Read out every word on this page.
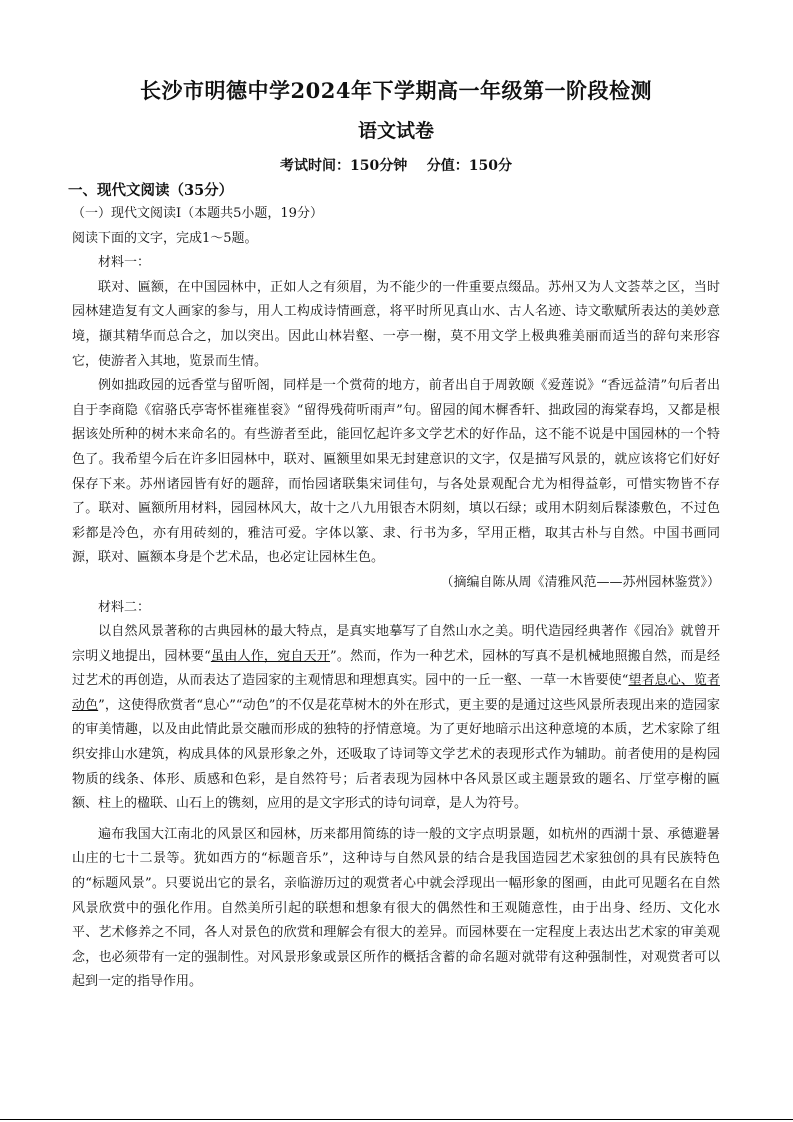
长沙市明德中学2024年下学期高一年级第一阶段检测
语文试卷

考试时间：150分钟    分值：150分

一、现代文阅读（35分）

（一）现代文阅读Ⅰ（本题共5小题，19分）

阅读下面的文字，完成1～5题。

材料一：

联对、匾额，在中国园林中，正如人之有须眉，为不能少的一件重要点缀品。苏州又为人文荟萃之区，当时园林建造复有文人画家的参与，用人工构成诗情画意，将平时所见真山水、古人名迹、诗文歌赋所表达的美妙意境，撷其精华而总合之，加以突出。因此山林岩壑、一亭一榭，莫不用文学上极典雅美丽而适当的辞句来形容它，使游者入其地，览景而生情。

例如拙政园的远香堂与留听阁，同样是一个赏荷的地方，前者出自于周敦颐《爱莲说》“香远益清”句后者出自于李商隐《宿骆氏亭寄怀崔雍崔衮》“留得残荷听雨声”句。留园的闻木樨香轩、拙政园的海棠春坞，又都是根据该处所种的树木来命名的。有些游者至此，能回忆起许多文学艺术的好作品，这不能不说是中国园林的一个特色了。我希望今后在许多旧园林中，联对、匾额里如果无封建意识的文字，仅是描写风景的，就应该将它们好好保存下来。苏州诸园皆有好的题辞，而怡园诸联集宋词佳句，与各处景观配合尤为相得益彰，可惜实物皆不存了。联对、匾额所用材料，园园林风大，故十之八九用银杏木阴刻，填以石绿；或用木阴刻后髹漆敷色，不过色彩都是冷色，亦有用砖刻的，雅洁可爱。字体以篆、隶、行书为多，罕用正楷，取其古朴与自然。中国书画同源，联对、匾额本身是个艺术品，也必定让园林生色。

（摘编自陈从周《清雅风范——苏州园林鉴赏》）

材料二：

以自然风景著称的古典园林的最大特点，是真实地摹写了自然山水之美。明代造园经典著作《园冶》就曾开宗明义地提出，园林要“虽由人作，宛自天开”。然而，作为一种艺术，园林的写真不是机械地照搬自然，而是经过艺术的再创造，从而表达了造园家的主观情思和理想真实。园中的一丘一壑、一草一木皆要使“望者息心、览者动色”，这使得欣赏者“息心”“动色”的不仅是花草树木的外在形式，更主要的是通过这些风景所表现出来的造园家的审美情趣，以及由此情此景交融而形成的独特的抒情意境。为了更好地暗示出这种意境的本质，艺术家除了组织安排山水建筑，构成具体的风景形象之外，还吸取了诗词等文学艺术的表现形式作为辅助。前者使用的是构园物质的线条、体形、质感和色彩，是自然符号；后者表现为园林中各风景区或主题景致的题名、厅堂亭榭的匾额、柱上的楹联、山石上的镌刻，应用的是文字形式的诗句词章，是人为符号。

遍布我国大江南北的风景区和园林，历来都用简练的诗一般的文字点明景题，如杭州的西湖十景、承德避暑山庄的七十二景等。犹如西方的“标题音乐”，这种诗与自然风景的结合是我国造园艺术家独创的具有民族特色的“标题风景”。只要说出它的景名，亲临游历过的观赏者心中就会浮现出一幅形象的图画，由此可见题名在自然风景欣赏中的强化作用。自然美所引起的联想和想象有很大的偶然性和王观随意性，由于出身、经历、文化水平、艺术修养之不同，各人对景色的欣赏和理解会有很大的差异。而园林要在一定程度上表达出艺术家的审美观念，也必须带有一定的强制性。对风景形象或景区所作的概括含蓄的命名题对就带有这种强制性，对观赏者可以起到一定的指导作用。
